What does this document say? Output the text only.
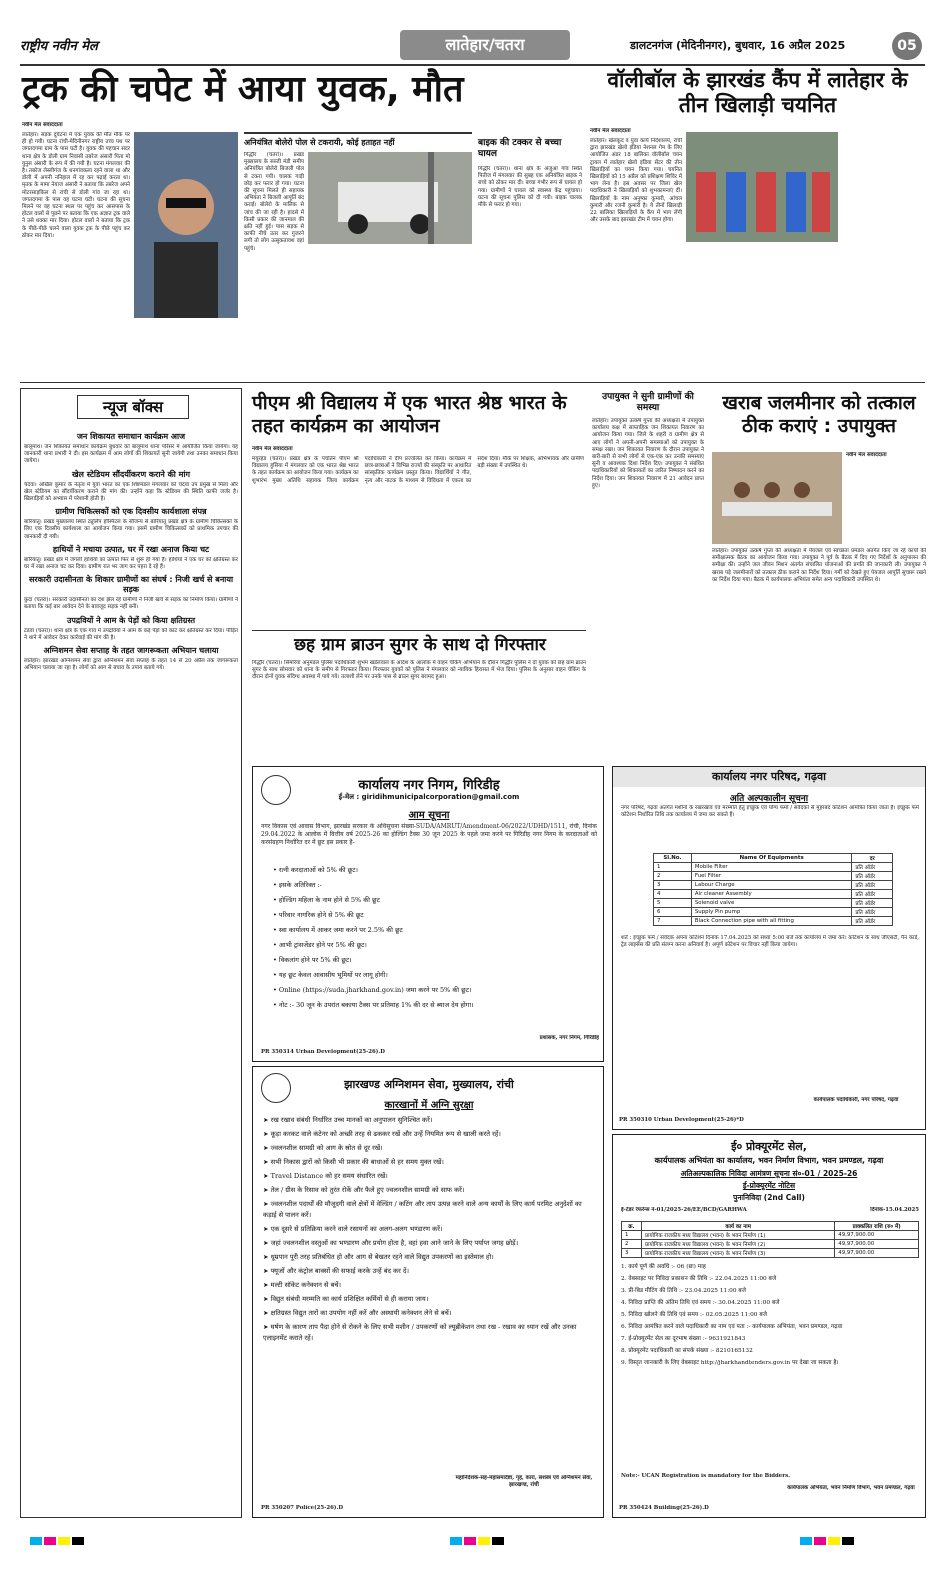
राष्ट्रीय नवीन मेल	लातेहार/चतरा	डालटनगंज (मेदिनीनगर), बुधवार, 16 अप्रैल 2025	05
ट्रक की चपेट में आया युवक, मौत
नवीन मेल संवाददाता
लातेहार। सड़क दुर्घटना में एक युवक की मौत मौके पर ही हो गयी। घटना रांची-मेदिनीनगर राष्ट्रीय उच्च पथ पर जगतदगमा ग्राम के पास घटी है। युवक की पहचान सदर थाना क्षेत्र के डोली ग्राम निवासी तबरेज अंसारी पिता मो युनुस अंसारी के रूप में की गयी है। घटना मंगलवार की है। तबरेज लेस्लीगंज के धनगांवकला रहने वाला था और डोली में अपनी ननिहाल में रह कर पढ़ाई करता था। मृतक के मामा नेयाज अंसारी ने बताया कि तबरेज अपने मोटरसाइकिल से रांची से डोली गांव जा रहा था। जगतदगमा के पास वह घटना घटी। घटना की सूचना मिलने पर वह घटना स्थल पर पहुंच कर आसपास के होटल वालों से पूछने पर बताया कि एक अज्ञात ट्रक वाले ने उसे धक्का मार दिया। होटल वालों ने बताया कि ट्रक के पीछे-पीछे चलने वाला युवक ट्रक के पीछे पहुंच कर ठोकर मार दिया।
अनियंत्रित बोलेरो पोल से टकरायी, कोई हताहत नहीं
गिद्धौर (चतरा)। प्रखंड मुख्यालय के सब्जी मंडी समीप अनियंत्रित बोलेरो बिजली पोल से टकरा गयी। चालक गाड़ी छोड़ कर फरार हो गया। घटना की सूचना मिलते ही सहायक अभियंता ने बिजली आपूर्ति बंद कराई। बोलेरो के मालिक से जांच की जा रही है। हादसे में किसी प्रकार की जानमाल की क्षति नहीं हुई। पास सड़क से काफी नीचे उतर कर गुजरने लगी तो लोग उत्सुकतावश वहां पहुंचे।
बाइक की टक्कर से बच्चा घायल
गिद्धौर (चतरा)। थाना क्षेत्र के अंजुआ गांव स्थित पितीज में मंगलवार की सुबह एक अनियंत्रित बाइक ने बच्चे को ठोकर मार दी। बच्चा गंभीर रूप से घायल हो गया। ग्रामीणों ने घायल को स्वास्थ्य केंद्र पहुंचाया। घटना की सूचना पुलिस को दी गयी। बाइक चालक मौके से फरार हो गया।
वॉलीबॉल के झारखंड कैंप में लातेहार के तीन खिलाड़ी चयनित
नवीन मेल संवाददाता
लातेहार। खेलकूद व युवा कार्य निदेशालय, रांची द्वारा झारखंड खेलो इंडिया नेशनल गेम के लिए आयोजित अंडर 18 बालिका वॉलीबॉल चयन ट्रायल में लातेहार खेलो इंडिया सेंटर की तीन खिलाड़ियों का चयन किया गया। चयनित खिलाड़ियों को 15 अप्रैल को प्रशिक्षण शिविर में भाग लेना है। इस अवसर पर जिला खेल पदाधिकारी ने खिलाड़ियों को शुभकामनाएं दीं। खिलाड़ियों के नाम अनुष्का कुमारी, आंचल कुमारी और रजनी कुमारी है। ये तीनों खिलाड़ी 22 बालिका खिलाड़ियों के कैंप में भाग लेंगी और उसके बाद झारखंड टीम में चयन होगा।
न्यूज बॉक्स
जन शिकायत समाधान कार्यक्रम आज
बालूमाथ। जन शिकायत समाधान कार्यक्रम बुधवार को बालूमाथ थाना परिसर में आयोजित किया जायेगा। यह जानकारी थाना प्रभारी ने दी। इस कार्यक्रम में आम लोगों की शिकायतें सुनी जायेगी तथा उनका समाधान किया जायेगा।
खेल स्टेडियम सौंदर्यीकरण कराने की मांग
चंदवा। अखिल कुमार के नेतृत्व में युवा भारत का एक शिष्टमंडल मंगलवार को चंदवा उप प्रमुख से मिला और खेल स्टेडियम का सौंदर्यीकरण कराने की मांग की। उन्होंने कहा कि स्टेडियम की स्थिति काफी जर्जर है। खिलाड़ियों को अभ्यास में परेशानी होती है।
ग्रामीण चिकित्सकों को एक दिवसीय कार्यशाला संपन्न
बारियातू। प्रखंड मुख्यालय स्थित ट्यूलिप हॉस्पिटल के सौजन्य से बारियातू प्रखंड क्षेत्र के ग्रामीण चिकित्सकों के लिए एक दिवसीय कार्यशाला का आयोजन किया गया। इसमें ग्रामीण चिकित्सकों को प्राथमिक उपचार की जानकारी दी गयी।
हाथियों ने मचाया उत्पात, घर में रखा अनाज किया चट
बारियातू। प्रखंड क्षेत्र में जंगली हाथियों का उत्पात फिर से शुरू हो गया है। हाथियों ने एक घर को क्षतिग्रस्त कर घर में रखा अनाज चट कर दिया। ग्रामीण रात भर जाग कर पहरा दे रहे हैं।
सरकारी उदासीनता के शिकार ग्रामीणों का संघर्ष : निजी खर्च से बनाया सड़क
कुंदा (चतरा)। सरकारी उदासीनता का दंश झेल रहे ग्रामीणों ने निजी खर्च से सड़क का निर्माण किया। ग्रामीणों ने बताया कि कई बार आवेदन देने के बावजूद सड़क नहीं बनी।
उपद्रवियों ने आम के पेड़ों को किया क्षतिग्रस्त
टंडवा (चतरा)। थाना क्षेत्र के एक गांव में उपद्रवियों ने आम के कई पेड़ों को काट कर क्षतिग्रस्त कर दिया। पीड़ित ने थाने में आवेदन देकर कार्रवाई की मांग की है।
अग्निशमन सेवा सप्ताह के तहत जागरूकता अभियान चलाया
लातेहार। झारखंड अग्निशमन सेवा द्वारा अग्निशमन सेवा सप्ताह के तहत 14 से 20 अप्रैल तक जागरूकता अभियान चलाया जा रहा है। लोगों को आग से बचाव के उपाय बताये गये।
पीएम श्री विद्यालय में एक भारत श्रेष्ठ भारत के तहत कार्यक्रम का आयोजन
नवीन मेल संवाददाता
मयूरहंड (चतरा)। प्रखंड क्षेत्र के पचंतिन पीएम श्री विद्यालय हुसिया में मंगलवार को एक भारत श्रेष्ठ भारत के तहत कार्यक्रम का आयोजन किया गया। कार्यक्रम का शुभारंभ मुख्य अतिथि सहायक जिला कार्यक्रम पदाधिकारी ने दीप प्रज्वलित कर किया। कार्यक्रम में छात्र-छात्राओं ने विभिन्न राज्यों की संस्कृति पर आधारित सांस्कृतिक कार्यक्रम प्रस्तुत किया। विद्यार्थियों ने गीत, नृत्य और नाटक के माध्यम से विविधता में एकता का संदेश दिया। मौके पर शिक्षक, अभिभावक और ग्रामीण बड़ी संख्या में उपस्थित थे।
छह ग्राम ब्राउन सुगर के साथ दो गिरफ्तार
गिद्धौर (चतरा)। सिमरिया अनुमंडल पुलिस पदाधिकारी शुभम खंडेलवाल के आदेश के आलोक में वाहन चेकिंग अभियान के दौरान गिद्धौर पुलिस ने दो युवक को छह ग्राम ब्राउन सुगर के साथ सोमवार को थाना के समीप से गिरफ्तार किया। गिरफ्तार युवकों को पुलिस ने मंगलवार को न्यायिक हिरासत में भेज दिया। पुलिस के अनुसार वाहन चेकिंग के दौरान दोनों युवक संदिग्ध अवस्था में पाये गये। तलाशी लेने पर उनके पास से ब्राउन सुगर बरामद हुआ।
उपायुक्त ने सुनी ग्रामीणों की समस्या
लातेहार। उपायुक्त उत्कर्ष गुप्ता की अध्यक्षता में उपायुक्त कार्यालय कक्ष में साप्ताहिक जन शिकायत निवारण का आयोजन किया गया। जिले के शहरी व ग्रामीण क्षेत्र से आए लोगों ने अपनी-अपनी समस्याओं को उपायुक्त के समक्ष रखा। जन शिकायत निवारण के दौरान उपायुक्त ने बारी-बारी से सभी लोगों से एक-एक कर उनकी समस्याएं सुनी व आवश्यक दिशा निर्देश दिए। उपायुक्त ने संबंधित पदाधिकारियों को शिकायतों का त्वरित निष्पादन करने का निर्देश दिया। जन शिकायत निवारण में 21 आवेदन प्राप्त हुए।
खराब जलमीनार को तत्काल ठीक कराएं : उपायुक्त
नवीन मेल संवाददाता
लातेहार। उपायुक्त उत्कर्ष गुप्ता की अध्यक्षता में पेयजल एवं स्वच्छता प्रमंडल अंतर्गत किए जा रहे कार्यों की समीक्षात्मक बैठक का आयोजन किया गया। उपायुक्त ने पूर्व के बैठक में दिए गए निर्देशों के अनुपालन की समीक्षा की। उन्होंने जल जीवन मिशन अंतर्गत संचालित योजनाओं की प्रगति की जानकारी ली। उपायुक्त ने खराब पड़े जलमीनारों को तत्काल ठीक कराने का निर्देश दिया। गर्मी को देखते हुए पेयजल आपूर्ति सुचारू रखने का निर्देश दिया गया। बैठक में कार्यपालक अभियंता समेत अन्य पदाधिकारी उपस्थित थे।
कार्यालय नगर निगम, गिरिडीह
ई-मेल : giridihmunicipalcorporation@gmail.com
आम सूचना
नगर विकास एवं आवास विभाग, झारखंड सरकार के अधिसूचना संख्या-SUDA/AMRUT/Amendment-06/2022/UDHD/1511, रांची, दिनांक 29.04.2022 के आलोक में वित्तीय वर्ष 2025-26 का होल्डिंग टैक्स 30 जून 2025 के पहले जमा करने पर गिरिडीह नगर निगम के करदाताओं को करसंग्रहण निर्धारित दर में छूट इस प्रकार है-
• रत्नी करदाताओं को 5% की छूट।
• इसके अतिरिक्त :-
• होल्डिंग महिला के नाम होने से 5% की छूट
• परिवार नागरिक होने से 5% की छूट
• स्वा कार्यालय में आकर जमा करने पर 2.5% की छूट
• आभी ट्रांसजेंडर होने पर 5% की छूट।
• विकलांग होने पर 5% की छूट।
• यह छूट केवल आवासीय भूमियों पर लागू होगी।
• Online (https://suda.jharkhand.gov.in) जमा करने पर 5% की छूट।
• नोट :- 30 जून के उपरांत बकाया टैक्स पर प्रतिमाह 1% की दर से ब्याज देय होगा।
प्रशासक, नगर निगम, गिरिडीह
PR 350314 Urban Development(25-26).D
झारखण्ड अग्निशमन सेवा, मुख्यालय, रांची
कारखानों में अग्नि सुरक्षा
➤ रख रखाव संबंधी निर्धारित उच्च मानकों का अनुपालन सुनिश्चित करें।
➤ कूड़ा करकट वाले कंटेनर को अच्छी तरह से ढककर रखें और उन्हें नियमित रूप से खाली करते रहें।
➤ ज्वलनशील सामग्री को आग के स्रोत से दूर रखें।
➤ सभी निकास द्वारों को किसी भी प्रकार की बाधाओं से हर समय मुक्त रखें।
➤ Travel Distance को हर समय संधारित रखें।
➤ तेल / ग्रीस के रिसाव को तुरंत रोकें और फैले हुए ज्वलनशील सामग्री को साफ करें।
➤ ज्वलनशील पदार्थों की मौजूदगी वाले क्षेत्रों में वेल्डिंग / कटिंग और ताप उत्पन्न करने वाले अन्य कार्यों के लिए कार्य परमिट अनुदेशों का कड़ाई से पालन करें।
➤ एक दूसरे से प्रतिक्रिया करने वाले रसायनों का अलग-अलग भण्डारण करें।
➤ जहां ज्वलनशील वस्तुओं का भण्डारण और प्रयोग होता है, वहां हवा आने जाने के लिए पर्याप्त जगह छोड़ें।
➤ धूम्रपान पूरी तरह प्रतिबंधित हो और आग से बेखतर रहने वाले विद्युत उपकरणों का इस्तेमाल हो।
➤ फ्यूजों और कंट्रोल बाक्सों की सफाई करके उन्हें बंद कर दें।
➤ मल्टी सॉकेट कनेक्शन से बचें।
➤ विद्युत संबंधी मरम्मति का कार्य प्रशिक्षित कर्मियों से ही कराया जाय।
➤ क्षतिग्रस्त विद्युत तारों का उपयोग नहीं करें और अस्थायी कनेक्शन लेने से बचें।
➤ घर्षण के कारण ताप पैदा होने से रोकने के लिए सभी मशीन / उपकरणों को ल्यूब्रीकेशन तथा रख - रखाव का ध्यान रखें और उनका एलाइनमेंट कराते रहें।
महानिदेशक-सह-महासमादेष्टा, गृह, कारा, सशस्त्र एवं अग्निशमन सेवा, झारखण्ड, रांची
PR 350207 Police(25-26).D
कार्यालय नगर परिषद, गढ़वा
अति अल्पकालीन सूचना
नगर परिषद, गढ़वा अंतर्गत मशीनों के रखरखाव एवं मरम्मति हेतु इच्छुक एवं योग्य फर्मों / संवेदकों से मुहरबंद कोटेशन आमंत्रित किया जाता है। इच्छुक फर्म कोटेशन निर्धारित तिथि तक कार्यालय में जमा कर सकते हैं।
Sl.No.	Name Of Equipments	दर
1	Mobile Filter	प्रति ऑर्डर
2	Fuel Filter	प्रति ऑर्डर
3	Labour Charge	प्रति ऑर्डर
4	Air cleaner Assembly	प्रति ऑर्डर
5	Solenoid valve	प्रति ऑर्डर
6	Supply Pin pump	प्रति ऑर्डर
7	Black Connection pipe with all fitting	प्रति ऑर्डर
शर्तें : इच्छुक फर्म / संवेदक अपना कोटेशन दिनांक 17.04.2025 को संध्या 5:00 बजे तक कार्यालय में जमा करें। कोटेशन के साथ जीएसटी, पैन कार्ड, ट्रेड लाइसेंस की प्रति संलग्न करना अनिवार्य है। अपूर्ण कोटेशन पर विचार नहीं किया जायेगा।
कार्यपालक पदाधिकारी, नगर परिषद, गढ़वा
PR 350310 Urban Development(25-26)*D
ई० प्रोक्यूरमेंट सेल,
कार्यपालक अभियंता का कार्यालय, भवन निर्माण विभाग, भवन प्रमण्डल, गढ़वा
अतिअल्पकालिक निविदा आमंत्रण सूचना सं०-01 / 2025-26
ई-प्रोक्यूरमेंट नोटिस
पुनःनिविदा (2nd Call)
ई-टेंडर रेफरेन्स नं-01/2025-26/EE/BCD/GARHWA	दिनांक-15.04.2025
क्र.	कार्य का नाम	प्राक्कलित राशि (रु० में)
1	प्रायोगिक राजकीय मध्य विद्यालय (भवन) के भवन निर्माण (1)	49,97,900.00
2	प्रायोगिक राजकीय मध्य विद्यालय (भवन) के भवन निर्माण (2)	49,97,900.00
3	प्रायोगिक राजकीय मध्य विद्यालय (भवन) के भवन निर्माण (3)	49,97,900.00
1. कार्य पूर्ण की अवधि :- 06 (छः) माह
2. वेबसाइट पर निविदा प्रकाशन की तिथि :- 22.04.2025 11:00 बजे
3. प्री-बिड मीटिंग की तिथि :- 23.04.2025 11:00 बजे
4. निविदा प्राप्ति की अंतिम तिथि एवं समय :- 30.04.2025 11:00 बजे
5. निविदा खोलने की तिथि एवं समय :- 02.05.2025 11:00 बजे
6. निविदा आमंत्रित करने वाले पदाधिकारी का नाम एवं पता :- कार्यपालक अभियंता, भवन प्रमण्डल, गढ़वा
7. ई-प्रोक्यूरमेंट सेल का दूरभाष संख्या :- 9631921843
8. प्रोक्यूरमेंट पदाधिकारी का संपर्क संख्या :- 8210165132
9. विस्तृत जानकारी के लिए वेबसाइट http://jharkhandtenders.gov.in पर देखा जा सकता है।
Note:- UCAN Registration is mandatory for the Bidders.
कार्यपालक अभियंता, भवन निर्माण विभाग, भवन प्रमण्डल, गढ़वा
PR 350424 Building(25-26).D
